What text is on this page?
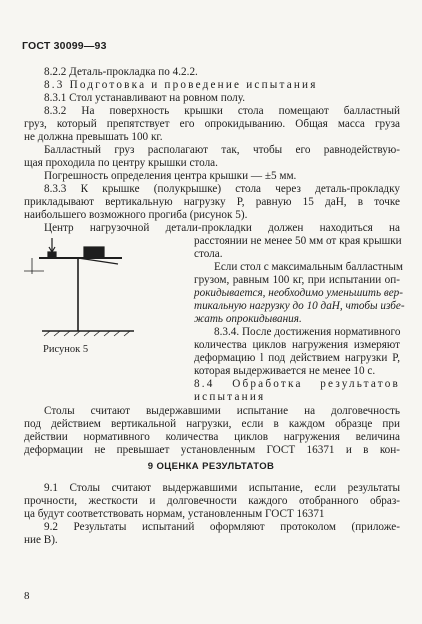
ГОСТ 30099—93
8.2.2 Деталь-прокладка по 4.2.2.
8.3 Подготовка и проведение испытания
8.3.1 Стол устанавливают на ровном полу.
8.3.2 На поверхность крышки стола помещают балластный
груз, который препятствует его опрокидыванию. Общая масса груза
не должна превышать 100 кг.
Балластный груз располагают так, чтобы его равнодействую-
щая проходила по центру крышки стола.
Погрешность определения центра крышки — ±5 мм.
8.3.3 К крышке (полукрышке) стола через деталь-прокладку
прикладывают вертикальную нагрузку P, равную 15 даН, в точке
наибольшего возможного прогиба (рисунок 5).
Центр нагрузочной детали-прокладки должен находиться на
расстоянии не менее 50 мм от края крышки
стола.
Если стол с максимальным балластным
грузом, равным 100 кг, при испытании оп-
рокидывается, необходимо уменьшить вер-
тикальную нагрузку до 10 даН, чтобы избе-
жать опрокидывания.
8.3.4. После достижения нормативного
количества циклов нагружения измеряют
деформацию l под действием нагрузки P,
которая выдерживается не менее 10 с.
Рисунок 5
8.4 Обработка результатов
испытания
Столы считают выдержавшими испытание на долговечность
под действием вертикальной нагрузки, если в каждом образце при
действии нормативного количества циклов нагружения величина
деформации не превышает установленным ГОСТ 16371 и в кон-
9 ОЦЕНКА РЕЗУЛЬТАТОВ
9.1 Столы считают выдержавшими испытание, если результаты
прочности, жесткости и долговечности каждого отобранного образ-
ца будут соответствовать нормам, установленным ГОСТ 16371
9.2 Результаты испытаний оформляют протоколом (приложе-
ние В).
8
